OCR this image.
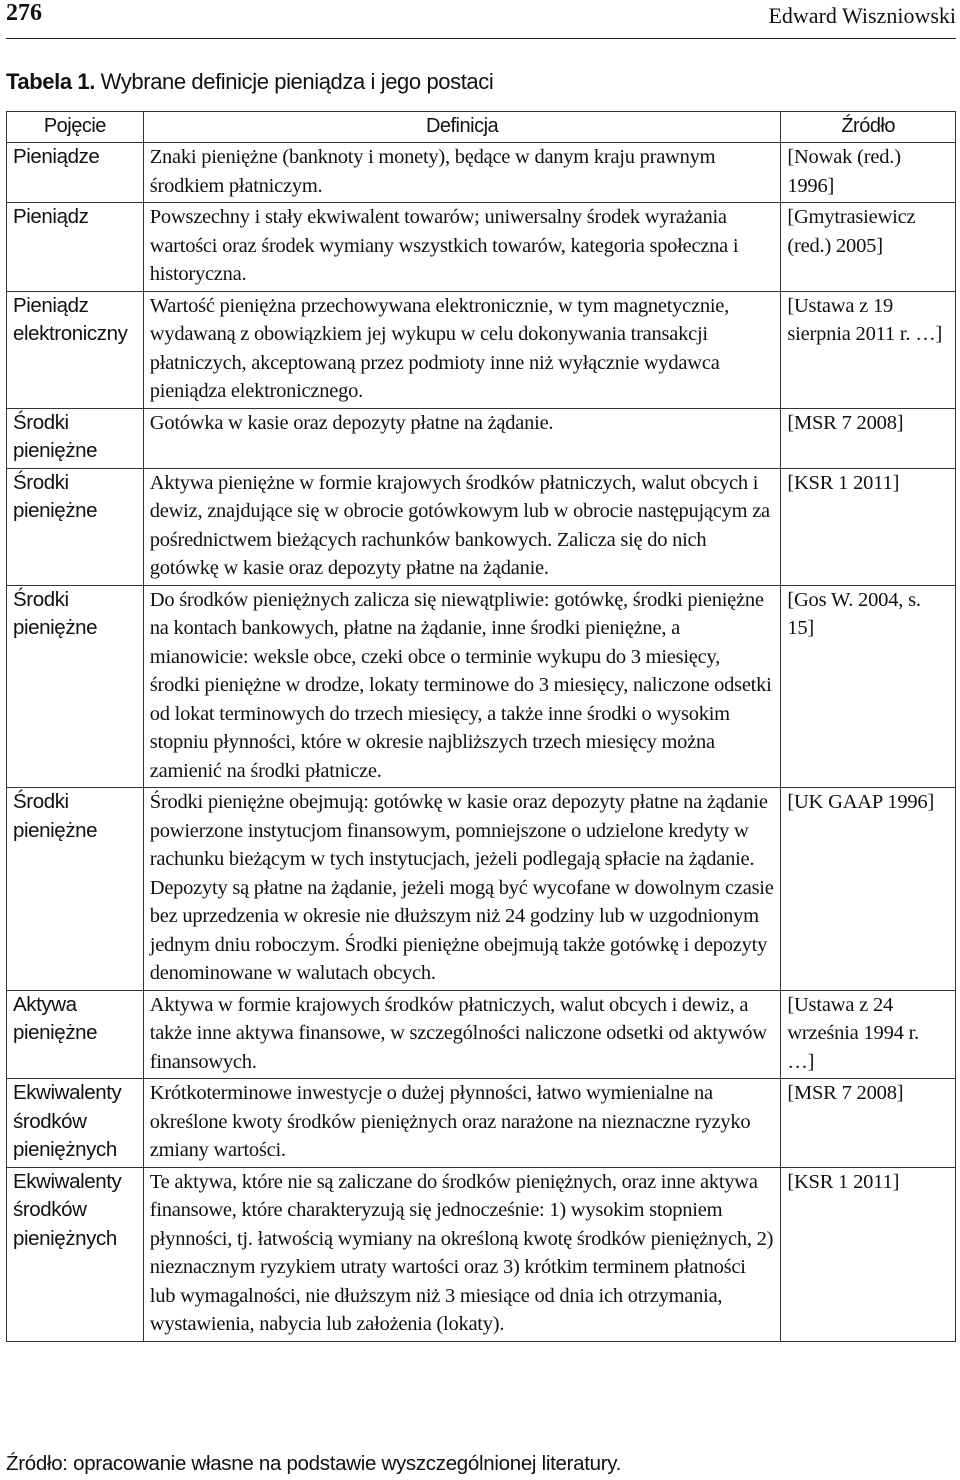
276	Edward Wiszniowski
Tabela 1. Wybrane definicje pieniądza i jego postaci
Pojęcie	Definicja	Źródło
Pieniądze	Znaki pieniężne (banknoty i monety), będące w danym kraju prawnym środkiem płatniczym.	[Nowak (red.) 1996]
Pieniądz	Powszechny i stały ekwiwalent towarów; uniwersalny środek wyrażania wartości oraz środek wymiany wszystkich towarów, kategoria społeczna i historyczna.	[Gmytrasiewicz (red.) 2005]
Pieniądz elektroniczny	Wartość pieniężna przechowywana elektronicznie, w tym magnetycznie, wydawaną z obowiązkiem jej wykupu w celu dokonywania transakcji płatniczych, akceptowaną przez podmioty inne niż wyłącznie wydawca pieniądza elektronicznego.	[Ustawa z 19 sierpnia 2011 r. …]
Środki pieniężne	Gotówka w kasie oraz depozyty płatne na żądanie.	[MSR 7 2008]
Środki pieniężne	Aktywa pieniężne w formie krajowych środków płatniczych, walut obcych i dewiz, znajdujące się w obrocie gotówkowym lub w obrocie następującym za pośrednictwem bieżących rachunków bankowych. Zalicza się do nich gotówkę w kasie oraz depozyty płatne na żądanie.	[KSR 1 2011]
Środki pieniężne	Do środków pieniężnych zalicza się niewątpliwie: gotówkę, środki pieniężne na kontach bankowych, płatne na żądanie, inne środki pieniężne, a mianowicie: weksle obce, czeki obce o terminie wykupu do 3 miesięcy, środki pieniężne w drodze, lokaty terminowe do 3 miesięcy, naliczone odsetki od lokat terminowych do trzech miesięcy, a także inne środki o wysokim stopniu płynności, które w okresie najbliższych trzech miesięcy można zamienić na środki płatnicze.	[Gos W. 2004, s. 15]
Środki pieniężne	Środki pieniężne obejmują: gotówkę w kasie oraz depozyty płatne na żądanie powierzone instytucjom finansowym, pomniejszone o udzielone kredyty w rachunku bieżącym w tych instytucjach, jeżeli podlegają spłacie na żądanie. Depozyty są płatne na żądanie, jeżeli mogą być wycofane w dowolnym czasie bez uprzedzenia w okresie nie dłuższym niż 24 godziny lub w uzgodnionym jednym dniu roboczym. Środki pieniężne obejmują także gotówkę i depozyty denominowane w walutach obcych.	[UK GAAP 1996]
Aktywa pieniężne	Aktywa w formie krajowych środków płatniczych, walut obcych i dewiz, a także inne aktywa finansowe, w szczególności naliczone odsetki od aktywów finansowych.	[Ustawa z 24 września 1994 r. …]
Ekwiwalenty środków pieniężnych	Krótkoterminowe inwestycje o dużej płynności, łatwo wymienialne na określone kwoty środków pieniężnych oraz narażone na nieznaczne ryzyko zmiany wartości.	[MSR 7 2008]
Ekwiwalenty środków pieniężnych	Te aktywa, które nie są zaliczane do środków pieniężnych, oraz inne aktywa finansowe, które charakteryzują się jednocześnie: 1) wysokim stopniem płynności, tj. łatwością wymiany na określoną kwotę środków pieniężnych, 2) nieznacznym ryzykiem utraty wartości oraz 3) krótkim terminem płatności lub wymagalności, nie dłuższym niż 3 miesiące od dnia ich otrzymania, wystawienia, nabycia lub założenia (lokaty).	[KSR 1 2011]
Źródło: opracowanie własne na podstawie wyszczególnionej literatury.
